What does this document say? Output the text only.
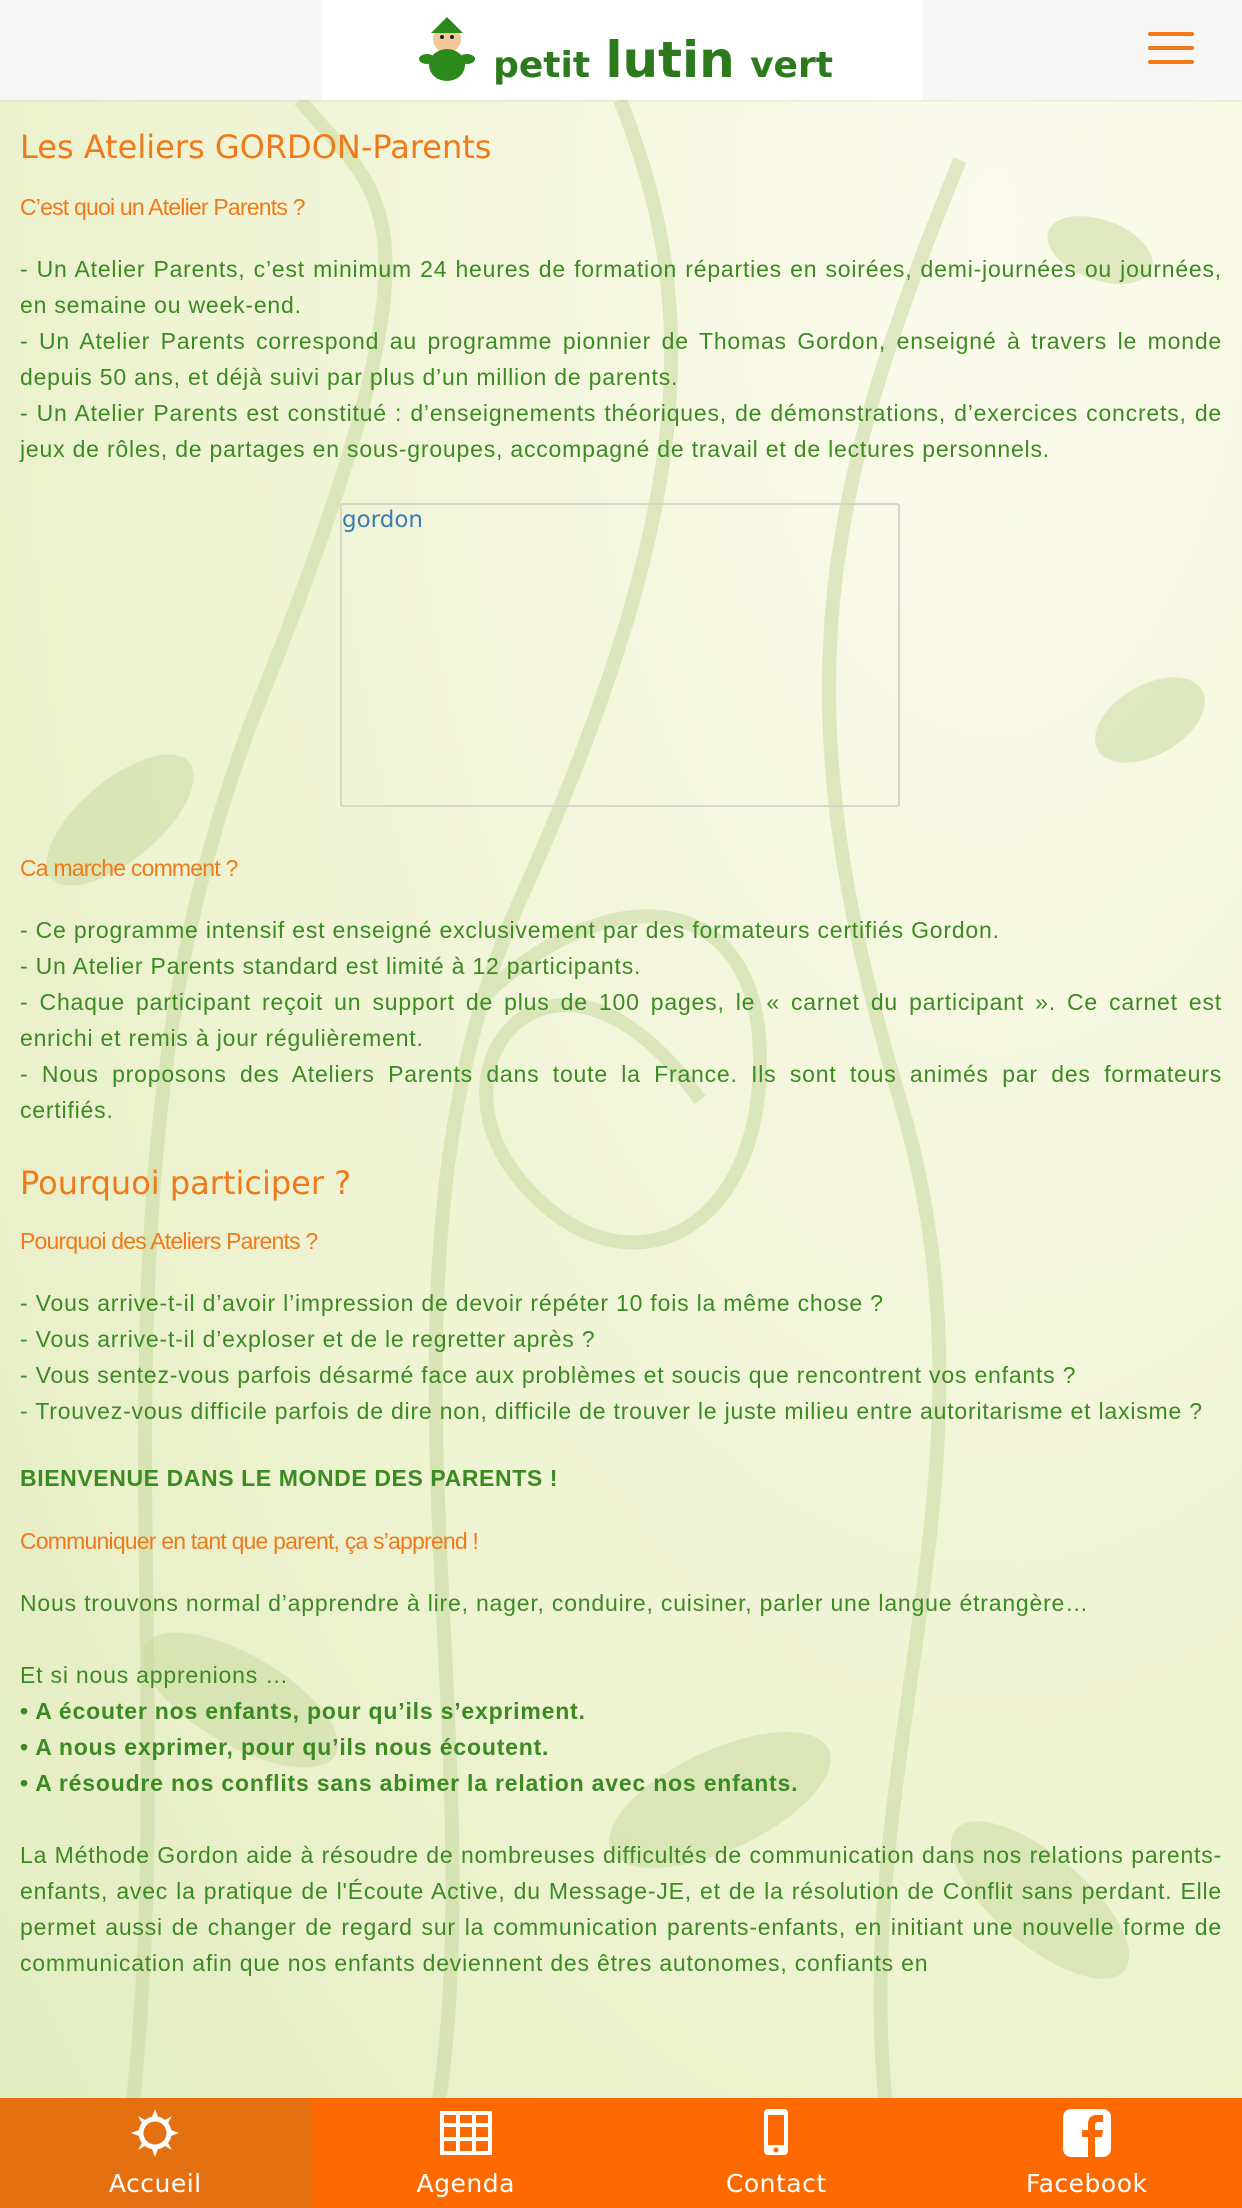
petit lutin vert
Les Ateliers GORDON-Parents
C’est quoi un Atelier Parents ?
- Un Atelier Parents, c’est minimum 24 heures de formation réparties en soirées, demi-journées ou journées, en semaine ou week-end.
- Un Atelier Parents correspond au programme pionnier de Thomas Gordon, enseigné à travers le monde depuis 50 ans, et déjà suivi par plus d’un million de parents.
- Un Atelier Parents est constitué : d’enseignements théoriques, de démonstrations, d’exercices concrets, de jeux de rôles, de partages en sous-groupes, accompagné de travail et de lectures personnels.
gordon
Ca marche comment ?
- Ce programme intensif est enseigné exclusivement par des formateurs certifiés Gordon.
- Un Atelier Parents standard est limité à 12 participants.
- Chaque participant reçoit un support de plus de 100 pages, le « carnet du participant ». Ce carnet est enrichi et remis à jour régulièrement.
- Nous proposons des Ateliers Parents dans toute la France. Ils sont tous animés par des formateurs certifiés.
Pourquoi participer ?
Pourquoi des Ateliers Parents ?
- Vous arrive-t-il d’avoir l’impression de devoir répéter 10 fois la même chose ?
- Vous arrive-t-il d’exploser et de le regretter après ?
- Vous sentez-vous parfois désarmé face aux problèmes et soucis que rencontrent vos enfants ?
- Trouvez-vous difficile parfois de dire non, difficile de trouver le juste milieu entre autoritarisme et laxisme ?
BIENVENUE DANS LE MONDE DES PARENTS !
Communiquer en tant que parent, ça s’apprend !
Nous trouvons normal d’apprendre à lire, nager, conduire, cuisiner, parler une langue étrangère…
Et si nous apprenions …
• A écouter nos enfants, pour qu’ils s’expriment.
• A nous exprimer, pour qu’ils nous écoutent.
• A résoudre nos conflits sans abimer la relation avec nos enfants.
La Méthode Gordon aide à résoudre de nombreuses difficultés de communication dans nos relations parents-enfants, avec la pratique de l'Écoute Active, du Message-JE, et de la résolution de Conflit sans perdant. Elle permet aussi de changer de regard sur la communication parents-enfants, en initiant une nouvelle forme de communication afin que nos enfants deviennent des êtres autonomes, confiants en
Accueil	Agenda	Contact	Facebook
